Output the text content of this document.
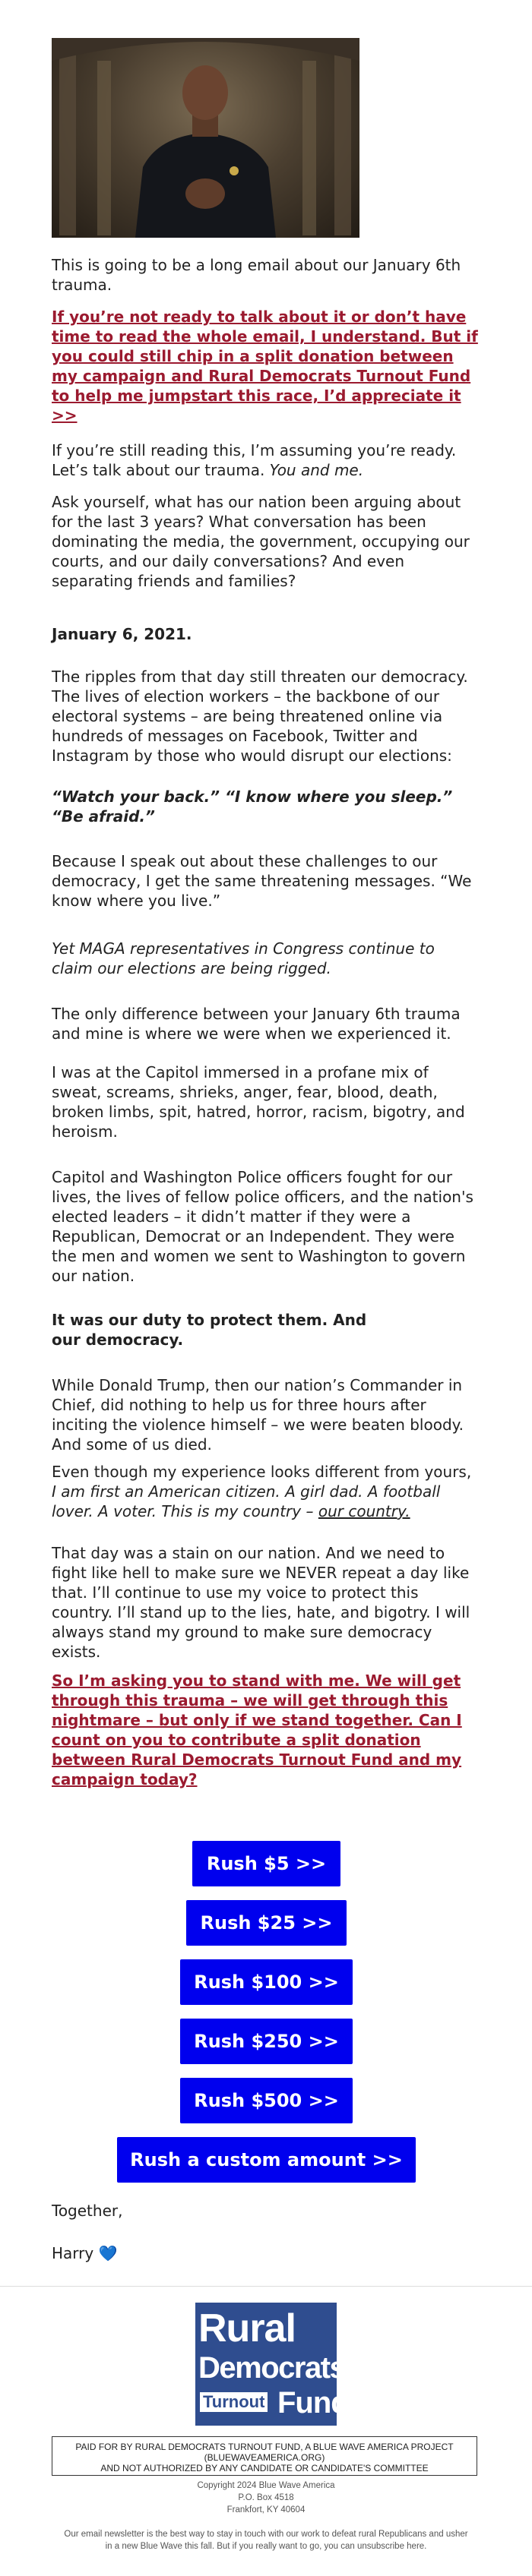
This is going to be a long email about our January 6th trauma.

If you’re not ready to talk about it or don’t have time to read the whole email, I understand. But if you could still chip in a split donation between my campaign and Rural Democrats Turnout Fund to help me jumpstart this race, I’d appreciate it >>

If you’re still reading this, I’m assuming you’re ready. Let’s talk about our trauma. You and me.

Ask yourself, what has our nation been arguing about for the last 3 years? What conversation has been dominating the media, the government, occupying our courts, and our daily conversations? And even separating friends and families?

January 6, 2021.

The ripples from that day still threaten our democracy. The lives of election workers – the backbone of our electoral systems – are being threatened online via hundreds of messages on Facebook, Twitter and Instagram by those who would disrupt our elections:

“Watch your back.” “I know where you sleep.” “Be afraid.”

Because I speak out about these challenges to our democracy, I get the same threatening messages. “We know where you live.”

Yet MAGA representatives in Congress continue to claim our elections are being rigged.

The only difference between your January 6th trauma and mine is where we were when we experienced it.

I was at the Capitol immersed in a profane mix of sweat, screams, shrieks, anger, fear, blood, death, broken limbs, spit, hatred, horror, racism, bigotry, and heroism.

Capitol and Washington Police officers fought for our lives, the lives of fellow police officers, and the nation's elected leaders – it didn’t matter if they were a Republican, Democrat or an Independent. They were the men and women we sent to Washington to govern our nation.

It was our duty to protect them. And our democracy.

While Donald Trump, then our nation’s Commander in Chief, did nothing to help us for three hours after inciting the violence himself – we were beaten bloody. And some of us died.

Even though my experience looks different from yours, I am first an American citizen. A girl dad. A football lover. A voter. This is my country – our country.

That day was a stain on our nation. And we need to fight like hell to make sure we NEVER repeat a day like that. I’ll continue to use my voice to protect this country. I’ll stand up to the lies, hate, and bigotry. I will always stand my ground to make sure democracy exists.

So I’m asking you to stand with me. We will get through this trauma – we will get through this nightmare – but only if we stand together. Can I count on you to contribute a split donation between Rural Democrats Turnout Fund and my campaign today?

Rush $5 >>
Rush $25 >>
Rush $100 >>
Rush $250 >>
Rush $500 >>
Rush a custom amount >>

Together,

Harry 💙

Rural
Democrats
Turnout Fund
PAID FOR BY RURAL DEMOCRATS TURNOUT FUND, A BLUE WAVE AMERICA PROJECT
(BLUEWAVEAMERICA.ORG)
AND NOT AUTHORIZED BY ANY CANDIDATE OR CANDIDATE'S COMMITTEE
Copyright 2024 Blue Wave America
P.O. Box 4518
Frankfort, KY 40604
Our email newsletter is the best way to stay in touch with our work to defeat rural Republicans and usher
in a new Blue Wave this fall. But if you really want to go, you can unsubscribe here.
